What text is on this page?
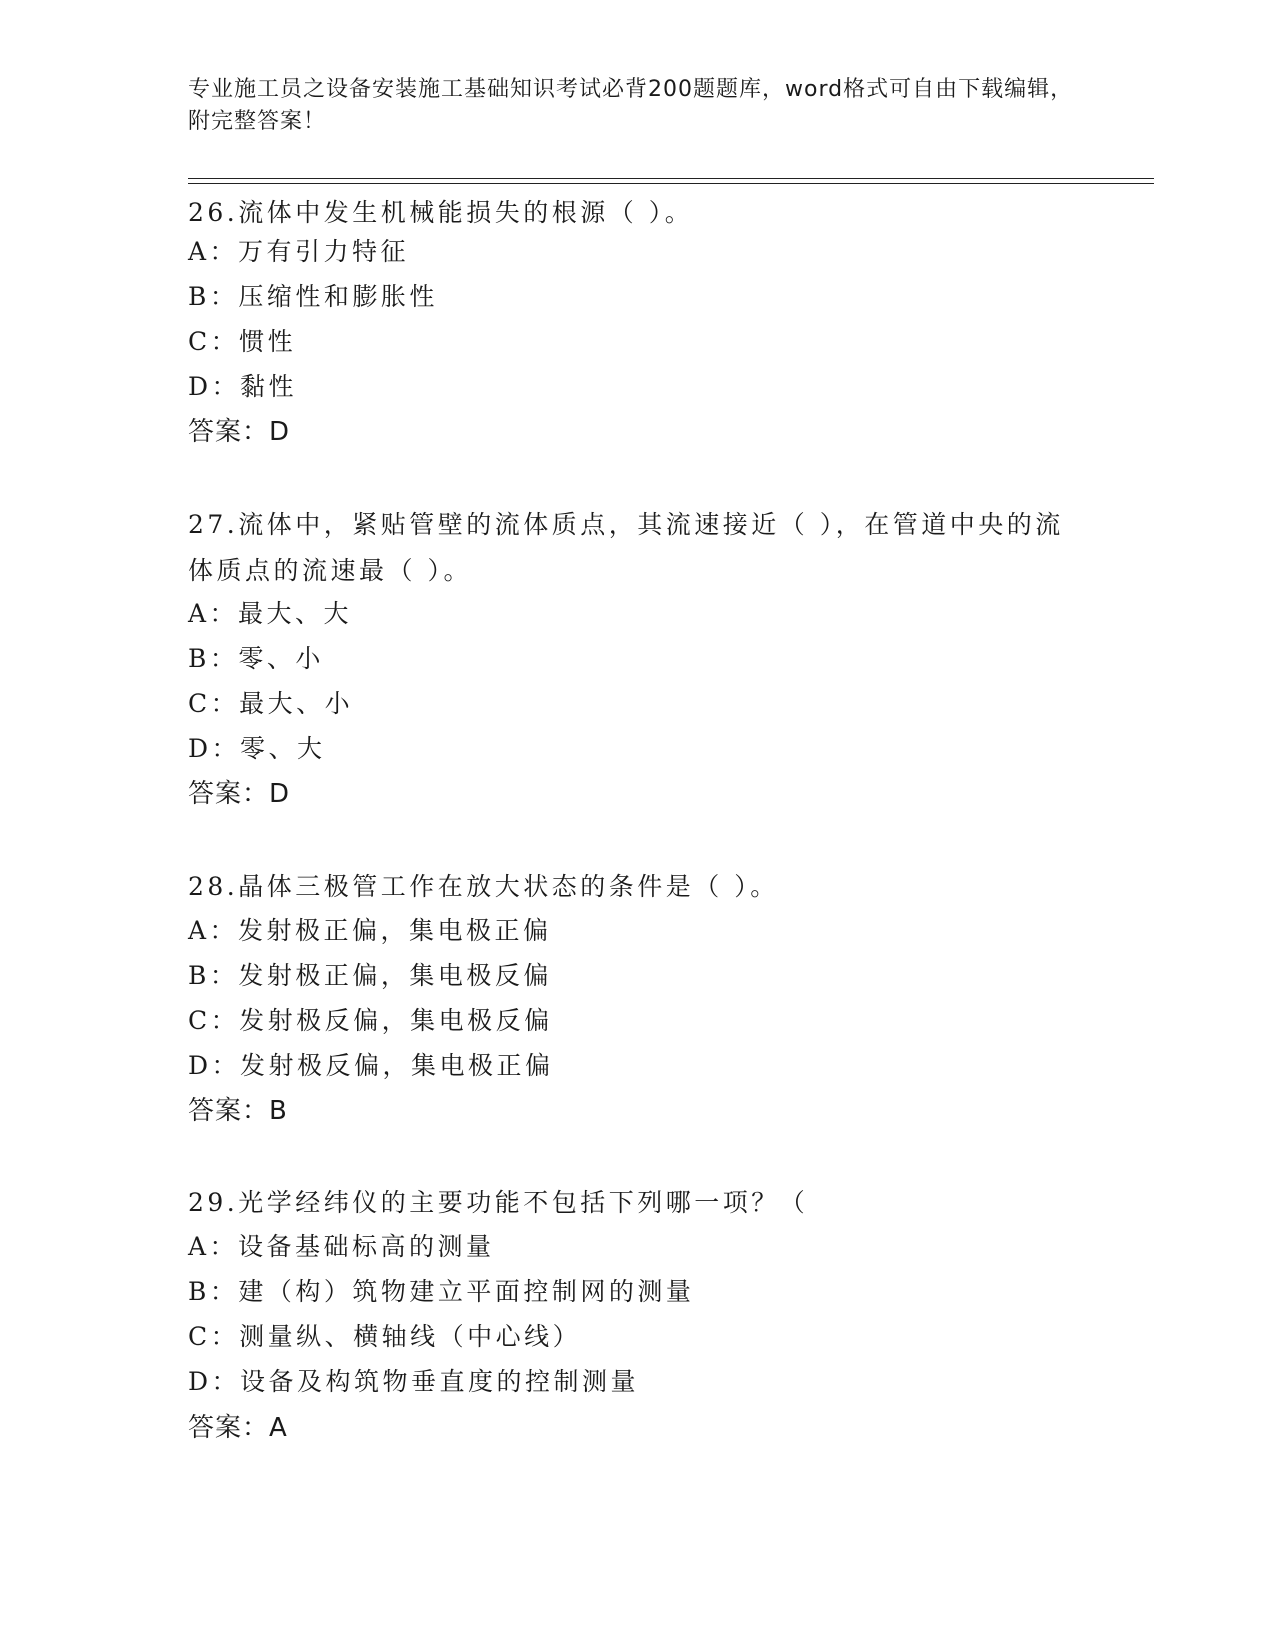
专业施工员之设备安装施工基础知识考试必背200题题库，word格式可自由下载编辑，附完整答案！
26.流体中发生机械能损失的根源（ ）。
A：万有引力特征
B：压缩性和膨胀性
C：惯性
D：黏性
答案：D
27.流体中，紧贴管壁的流体质点，其流速接近（ ），在管道中央的流体质点的流速最（ ）。
A：最大、大
B：零、小
C：最大、小
D：零、大
答案：D
28.晶体三极管工作在放大状态的条件是（ ）。
A：发射极正偏，集电极正偏
B：发射极正偏，集电极反偏
C：发射极反偏，集电极反偏
D：发射极反偏，集电极正偏
答案：B
29.光学经纬仪的主要功能不包括下列哪一项？（
A：设备基础标高的测量
B：建（构）筑物建立平面控制网的测量
C：测量纵、横轴线（中心线）
D：设备及构筑物垂直度的控制测量
答案：A
